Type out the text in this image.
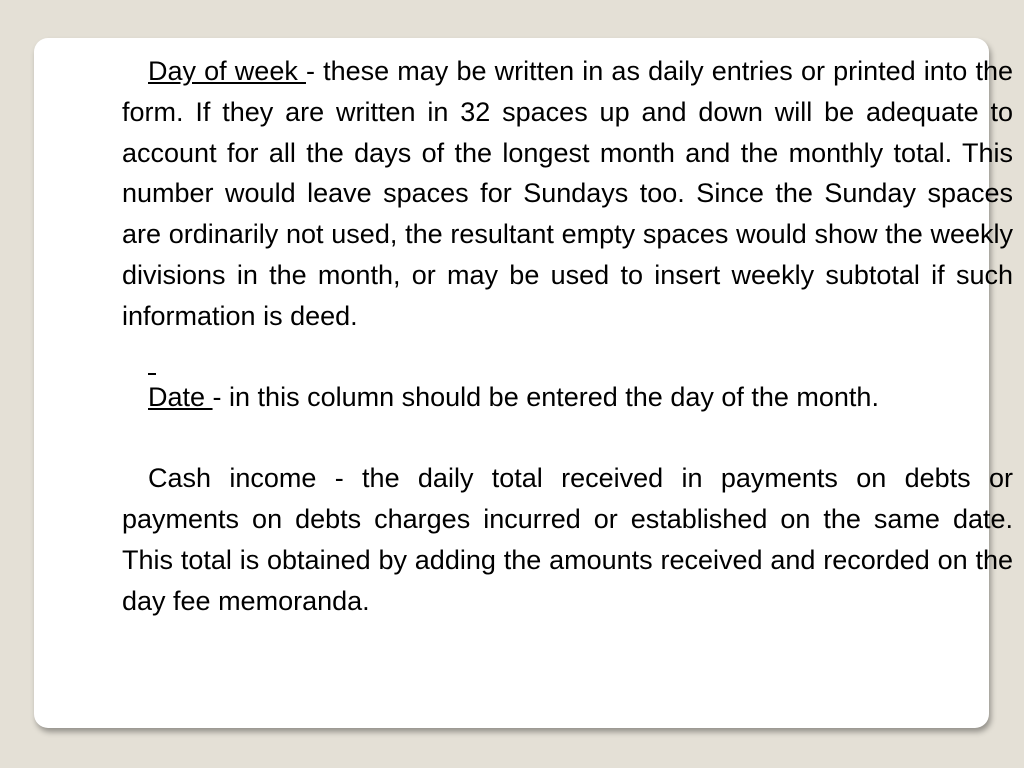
Day of week - these may be written in as daily entries or printed into the form. If they are written in 32 spaces up and down will be adequate to account for all the days of the longest month and the monthly total. This number would leave spaces for Sundays too. Since the Sunday spaces are ordinarily not used, the resultant empty spaces would show the weekly divisions in the month, or may be used to insert weekly subtotal if such information is deed.

Date - in this column should be entered the day of the month.

Cash income - the daily total received in payments on debts or payments on debts charges incurred or established on the same date. This total is obtained by adding the amounts received and recorded on the day fee memoranda.
